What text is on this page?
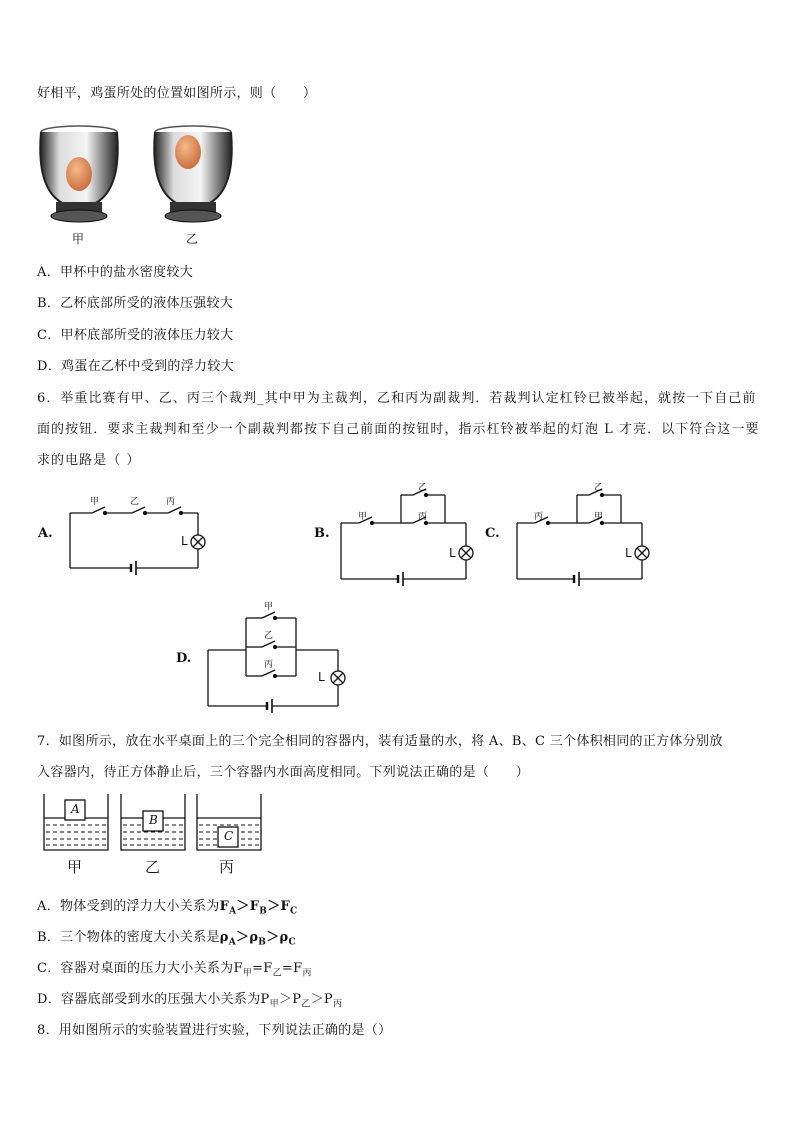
好相平，鸡蛋所处的位置如图所示，则（　　）
甲	乙
A．甲杯中的盐水密度较大
B．乙杯底部所受的液体压强较大
C．甲杯底部所受的液体压力较大
D．鸡蛋在乙杯中受到的浮力较大
6．举重比赛有甲、乙、丙三个裁判_其中甲为主裁判，乙和丙为副裁判．若裁判认定杠铃已被举起，就按一下自己前
面的按钮．要求主裁判和至少一个副裁判都按下自己前面的按钮时，指示杠铃被举起的灯泡 L 才亮．以下符合这一要
求的电路是（ ）
A.
甲	乙	丙
L	B.
甲
乙
丙
L
C.
丙
乙
甲
L
D.
甲
乙
丙
L
7．如图所示，放在水平桌面上的三个完全相同的容器内，装有适量的水，将 A、B、C 三个体积相同的正方体分别放
入容器内，待正方体静止后，三个容器内水面高度相同。下列说法正确的是（　　）
A
B
C
甲	乙	丙
A．物体受到的浮力大小关系为$F_A>F_B>F_C$
B．三个物体的密度大小关系是$\rho_A>\rho_B>\rho_C$
C．容器对桌面的压力大小关系为$F_甲=F_乙=F_丙$
D．容器底部受到水的压强大小关系为$P_甲>P_乙>P_丙$
8．用如图所示的实验装置进行实验，下列说法正确的是（）
